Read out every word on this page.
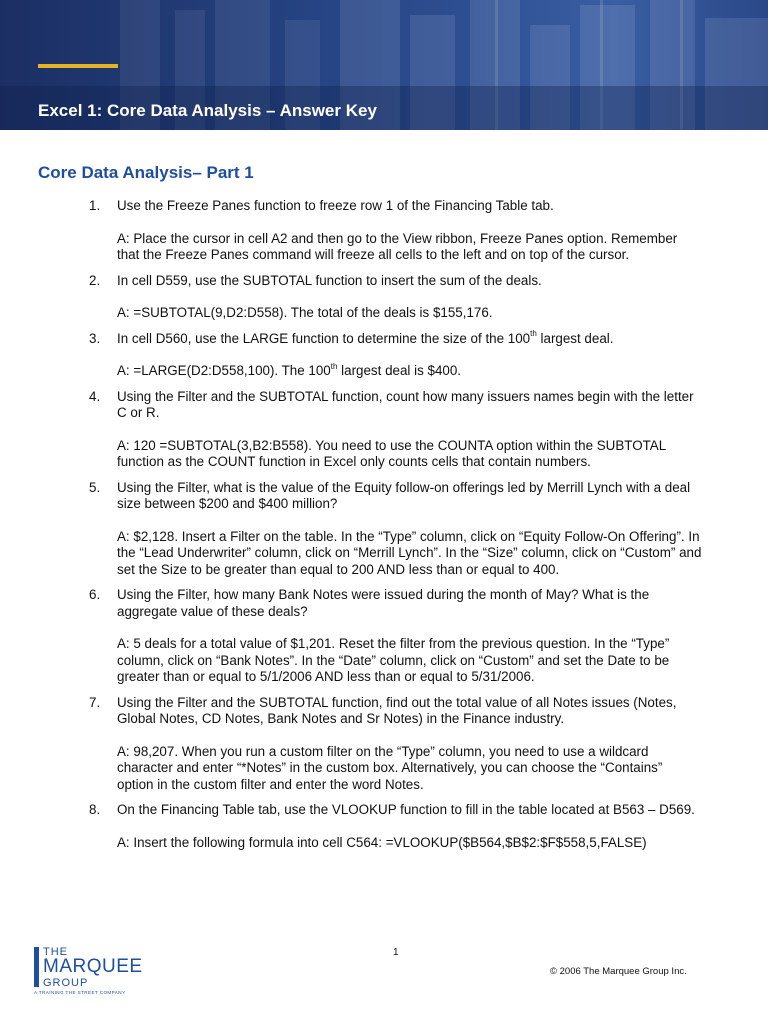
Excel 1: Core Data Analysis – Answer Key
Core Data Analysis– Part 1
1. Use the Freeze Panes function to freeze row 1 of the Financing Table tab.
A: Place the cursor in cell A2 and then go to the View ribbon, Freeze Panes option. Remember that the Freeze Panes command will freeze all cells to the left and on top of the cursor.
2. In cell D559, use the SUBTOTAL function to insert the sum of the deals.
A: =SUBTOTAL(9,D2:D558). The total of the deals is $155,176.
3. In cell D560, use the LARGE function to determine the size of the 100th largest deal.
A: =LARGE(D2:D558,100). The 100th largest deal is $400.
4. Using the Filter and the SUBTOTAL function, count how many issuers names begin with the letter C or R.
A: 120 =SUBTOTAL(3,B2:B558). You need to use the COUNTA option within the SUBTOTAL function as the COUNT function in Excel only counts cells that contain numbers.
5. Using the Filter, what is the value of the Equity follow-on offerings led by Merrill Lynch with a deal size between $200 and $400 million?
A: $2,128. Insert a Filter on the table. In the “Type” column, click on “Equity Follow-On Offering”. In the “Lead Underwriter” column, click on “Merrill Lynch”. In the “Size” column, click on “Custom” and set the Size to be greater than equal to 200 AND less than or equal to 400.
6. Using the Filter, how many Bank Notes were issued during the month of May? What is the aggregate value of these deals?
A: 5 deals for a total value of $1,201. Reset the filter from the previous question. In the “Type” column, click on “Bank Notes”. In the “Date” column, click on “Custom” and set the Date to be greater than or equal to 5/1/2006 AND less than or equal to 5/31/2006.
7. Using the Filter and the SUBTOTAL function, find out the total value of all Notes issues (Notes, Global Notes, CD Notes, Bank Notes and Sr Notes) in the Finance industry.
A: 98,207. When you run a custom filter on the “Type” column, you need to use a wildcard character and enter “*Notes” in the custom box. Alternatively, you can choose the “Contains” option in the custom filter and enter the word Notes.
8. On the Financing Table tab, use the VLOOKUP function to fill in the table located at B563 – D569.
A: Insert the following formula into cell C564: =VLOOKUP($B564,$B$2:$F$558,5,FALSE)
1
© 2006 The Marquee Group Inc.
THE
MARQUEE
GROUP
A TRAINING THE STREET COMPANY
